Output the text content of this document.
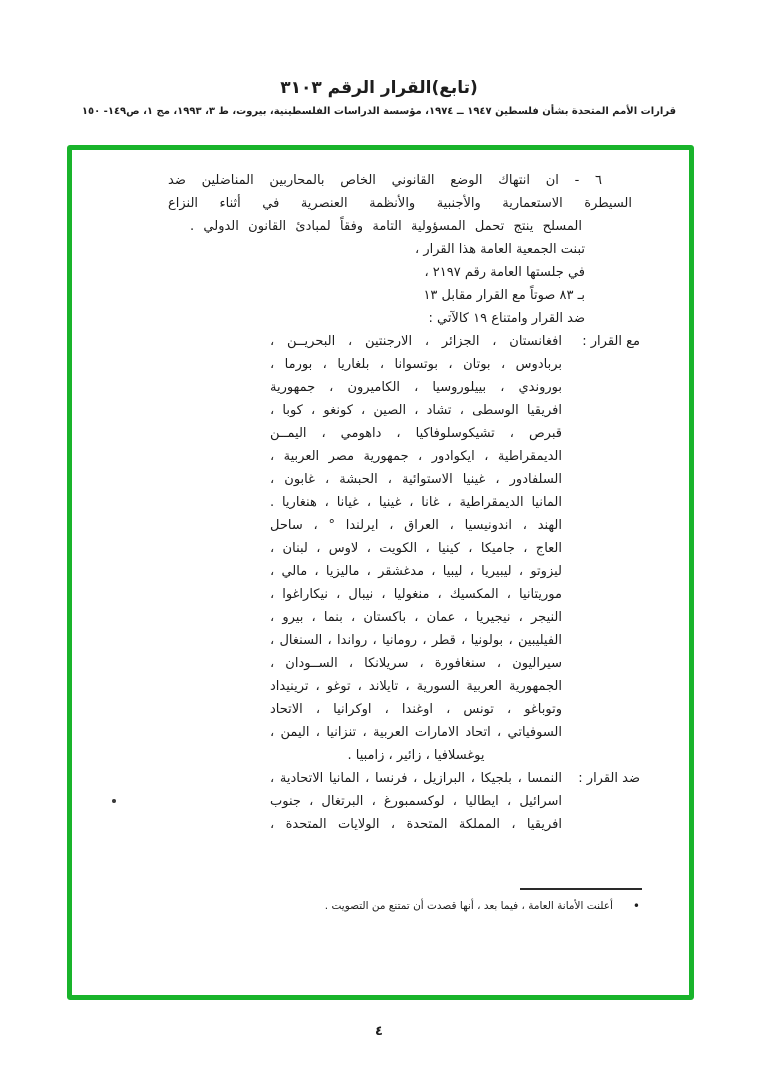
(تابع)القرار الرقم ٣١٠٣
قرارات الأمم المتحدة بشأن فلسطين ١٩٤٧ ــ ١٩٧٤، مؤسسة الدراسات الفلسطينية، بيروت، ط ٣، ١٩٩٣، مج ١، ص١٤٩- ١٥٠
٦ - ان انتهاك الوضع القانوني الخاص بالمحاربين المناضلين ضد
السيطرة الاستعمارية والأجنبية والأنظمة العنصرية في أثناء النزاع
المسلح ينتج تحمل المسؤولية التامة وفقاً لمبادئ القانون الدولي .
تبنت الجمعية العامة هذا القرار ،
في جلستها العامة رقم ٢١٩٧ ،
بـ ٨٣ صوتاً مع القرار مقابل ١٣
ضد القرار وامتناع ١٩ كالآتي :
مع القرار :
افغانستان ، الجزائر ، الارجنتين ، البحريــن ،
بربادوس ، بوتان ، بوتسوانا ، بلغاريا ، بورما ،
بوروندي ، بييلوروسيا ، الكاميرون ، جمهورية
افريقيا الوسطى ، تشاد ، الصين ، كونغو ، كوبا ،
قبرص ، تشيكوسلوفاكيا ، داهومي ، اليمــن
الديمقراطية ، ايكوادور ، جمهورية مصر العربية ،
السلفادور ، غينيا الاستوائية ، الحبشة ، غابون ،
المانيا الديمقراطية ، غانا ، غينيا ، غيانا ، هنغاريا .
الهند ، اندونيسيا ، العراق ، ايرلندا ° ، ساحل
العاج ، جاميكا ، كينيا ، الكويت ، لاوس ، لبنان ،
ليزوتو ، ليبيريا ، ليبيا ، مدغشقر ، ماليزيا ، مالي ،
موريتانيا ، المكسيك ، منغوليا ، نيبال ، نيكاراغوا ،
النيجر ، نيجيريا ، عمان ، باكستان ، بنما ، بيرو ،
الفيليبين ، بولونيا ، قطر ، رومانيا ، رواندا ، السنغال ،
سيراليون ، سنغافورة ، سريلانكا ، الســودان ،
الجمهورية العربية السورية ، تايلاند ، توغو ، ترينيداد
وتوباغو ، تونس ، اوغندا ، اوكرانيا ، الاتحاد
السوفياتي ، اتحاد الامارات العربية ، تنزانيا ، اليمن ،
يوغسلافيا ، زائير ، زامبيا .
ضد القرار :
النمسا ، بلجيكا ، البرازيل ، فرنسا ، المانيا الاتحادية ،
اسرائيل ، ايطاليا ، لوكسمبورغ ، البرتغال ، جنوب
افريقيا ، المملكة المتحدة ، الولايات المتحدة ،
•
أعلنت الأمانة العامة ، فيما بعد ، أنها قصدت أن تمتنع من التصويت .
٤
